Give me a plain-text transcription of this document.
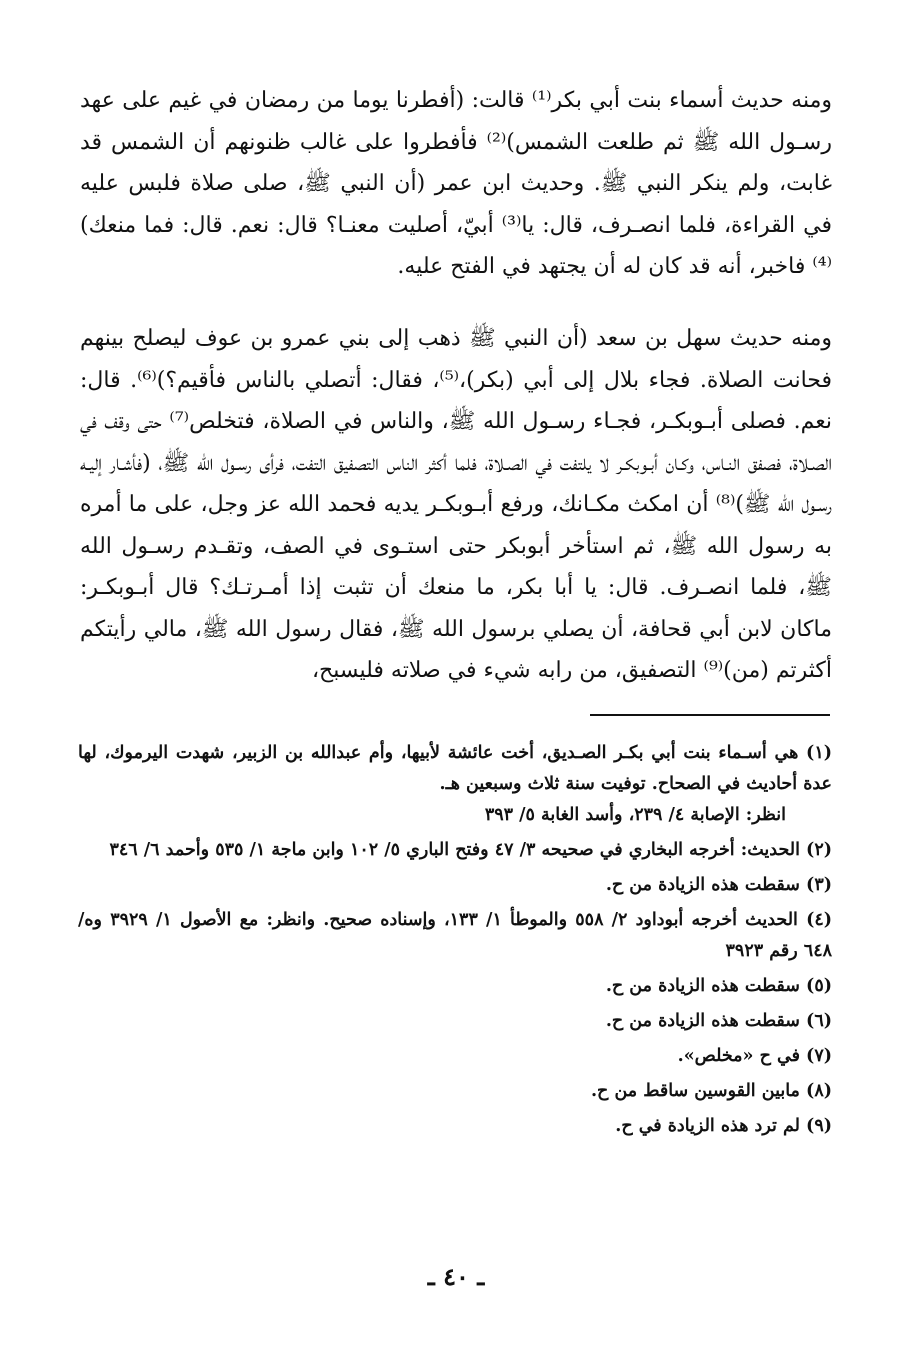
ومنه حديث أسماء بنت أبي بكر⁽¹⁾ قالت: (أفطرنا يوما من رمضان في غيم على عهد رسـول الله ﷺ ثم طلعت الشمس)⁽²⁾ فأفطروا على غالب ظنونهم أن الشمس قد غابت، ولم ينكر النبي ﷺ. وحديث ابن عمر (أن النبي ﷺ، صلى صلاة فلبس عليه في القراءة، فلما انصـرف، قال: يا⁽³⁾ أبيّ، أصليت معنـا؟ قال: نعم. قال: فما منعك)⁽⁴⁾ فاخبر، أنه قد كان له أن يجتهد في الفتح عليه.

ومنه حديث سهل بن سعد (أن النبي ﷺ ذهب إلى بني عمرو بن عوف ليصلح بينهم فحانت الصلاة. فجاء بلال إلى أبي (بكر)،⁽⁵⁾، فقال: أتصلي بالناس فأقيم؟)⁽⁶⁾. قال: نعم. فصلى أبـوبكـر، فجـاء رسـول الله ﷺ، والناس في الصلاة، فتخلص⁽⁷⁾ حتى وقف في الصـلاة، فصفق النـاس، وكـان أبـوبكـر لا يلتفت في الصـلاة، فلما أكثر الناس التصفيق التفت، فرأى رسـول الله ﷺ، (فأشـار إليـه رسـول الله ﷺ)⁽⁸⁾ أن امكث مكـانك، ورفع أبـوبكـر يديه فحمد الله عز وجل، على ما أمره به رسول الله ﷺ، ثم استأخر أبوبكر حتى استـوى في الصف، وتقـدم رسـول الله ﷺ، فلما انصـرف. قال: يا أبا بكر، ما منعك أن تثبت إذا أمـرتـك؟ قال أبـوبكـر: ماكان لابن أبي قحافة، أن يصلي برسول الله ﷺ، فقال رسول الله ﷺ، مالي رأيتكم أكثرتم (من)⁽⁹⁾ التصفيق، من رابه شيء في صلاته فليسبح،

(١) هي أسـماء بنت أبي بكـر الصـديق، أخت عائشة لأبيها، وأم عبدالله بن الزبير، شهدت اليرموك، لها عدة أحاديث في الصحاح. توفيت سنة ثلاث وسبعين هـ.
انظر: الإصابة ٤/ ٢٣٩، وأسد الغابة ٥/ ٣٩٣
(٢) الحديث: أخرجه البخاري في صحيحه ٣/ ٤٧ وفتح الباري ٥/ ١٠٢ وابن ماجة ١/ ٥٣٥ وأحمد ٦/ ٣٤٦
(٣) سقطت هذه الزيادة من ح.
(٤) الحديث أخرجه أبوداود ٢/ ٥٥٨ والموطأ ١/ ١٣٣، وإسناده صحيح. وانظر: مع الأصول ١/ ٣٩٢٩ وه/ ٦٤٨ رقم ٣٩٢٣
(٥) سقطت هذه الزيادة من ح.
(٦) سقطت هذه الزيادة من ح.
(٧) في ح «مخلص».
(٨) مابين القوسين ساقط من ح.
(٩) لم ترد هذه الزيادة في ح.
ـ ٤٠ ـ
